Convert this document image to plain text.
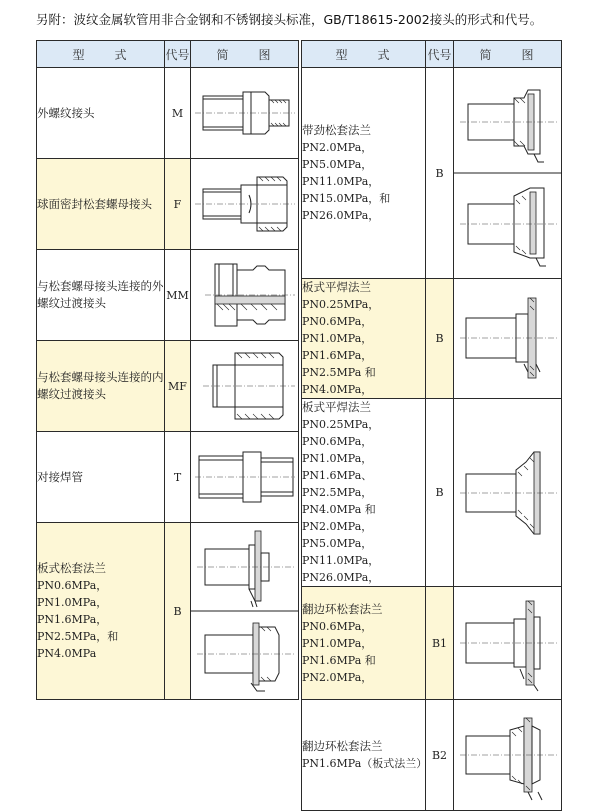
另附：波纹金属软管用非合金钢和不锈钢接头标准，GB/T18615-2002接头的形式和代号。
型　　式	代号	简　　图
外螺纹接头	M	

球面密封松套螺母接头	F	

与松套螺母接头连接的外螺纹过渡接头	MM	

与松套螺母接头连接的内螺纹过渡接头	MF	

对接焊管	T	

板式松套法兰
PN0.6MPa，PN1.0MPa，PN1.6MPa，PN2.5MPa，和 PN4.0MPa	B	
型　　式	代号	简　　图

带劲松套法兰
PN2.0MPa，PN5.0MPa，PN11.0MPa，PN15.0MPa，和 PN26.0MPa，	B	

板式平焊法兰
PN0.25MPa，PN0.6MPa，PN1.0MPa，PN1.6MPa，PN2.5MPa 和 PN4.0MPa，	B	

板式平焊法兰
PN0.25MPa，PN0.6MPa，PN1.0MPa，PN1.6MPa、PN2.5MPa，PN4.0MPa 和 PN2.0MPa，PN5.0MPa，PN11.0MPa，PN26.0MPa，	B	

翻边环松套法兰
PN0.6MPa，PN1.0MPa，PN1.6MPa 和 PN2.0MPa，	B1	

翻边环松套法兰
PN1.6MPa（板式法兰）	B2	
